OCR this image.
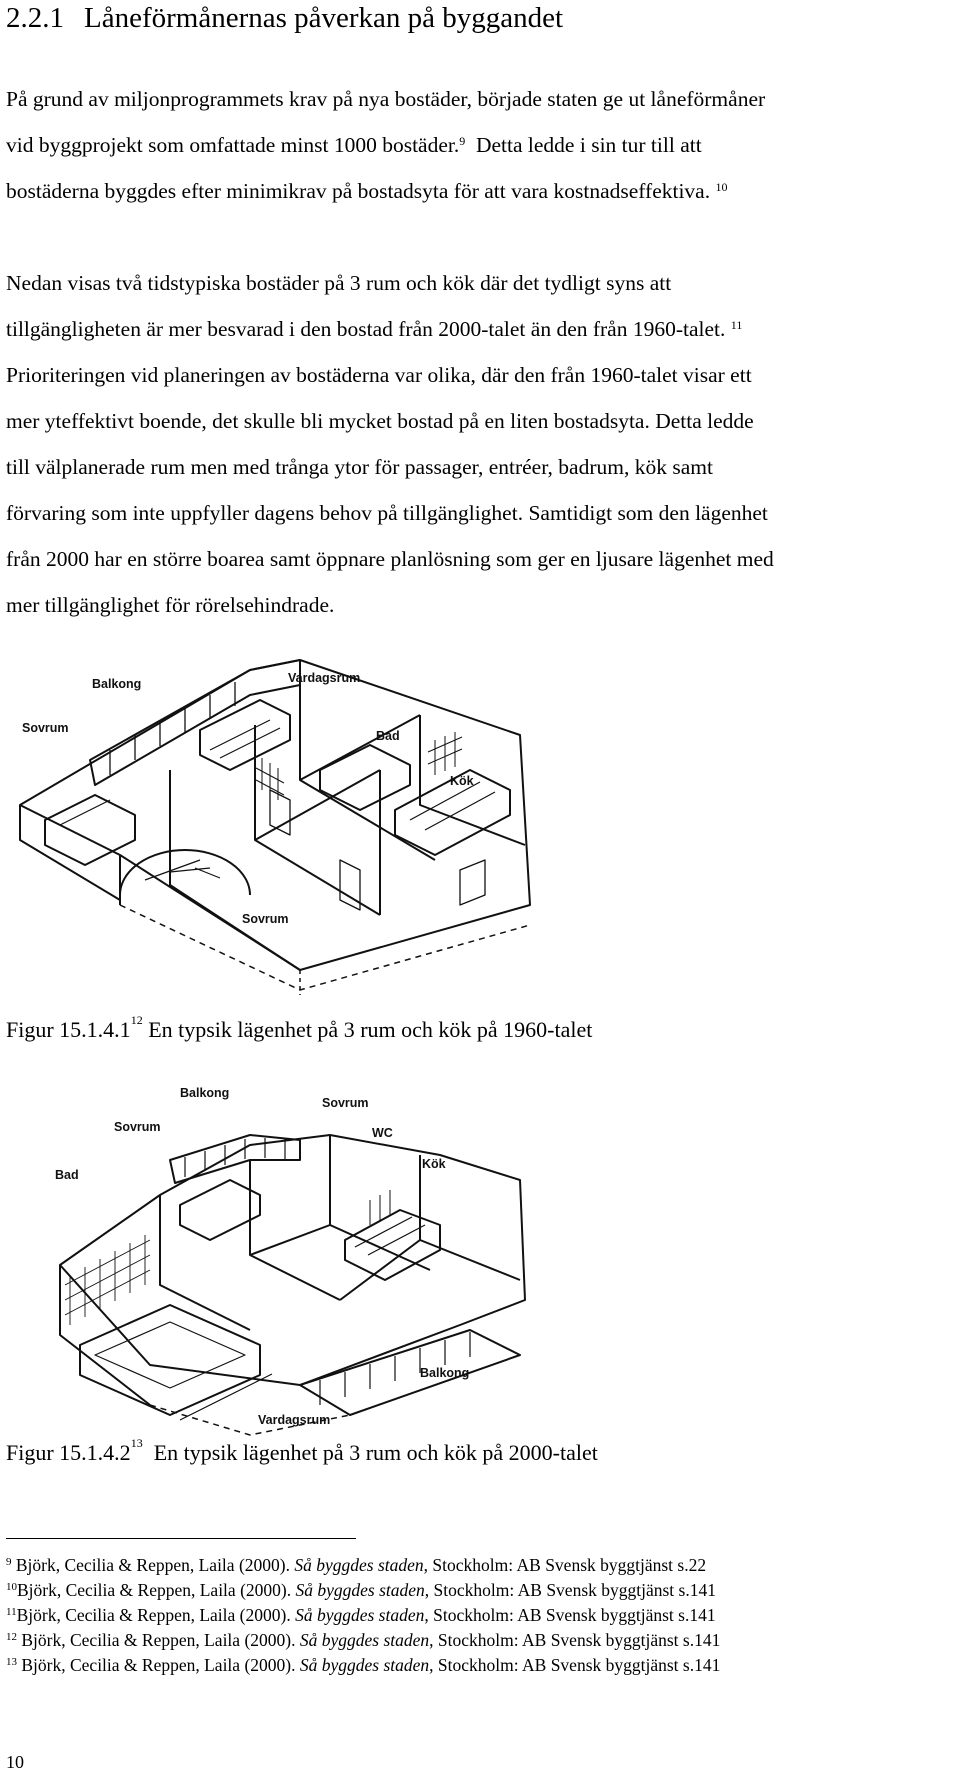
2.2.1 Låneförmånernas påverkan på byggandet
På grund av miljonprogrammets krav på nya bostäder, började staten ge ut låneförmåner
vid byggprojekt som omfattade minst 1000 bostäder.$^9$  Detta ledde i sin tur till att
bostäderna byggdes efter minimikrav på bostadsyta för att vara kostnadseffektiva. $^{10}$
Nedan visas två tidstypiska bostäder på 3 rum och kök där det tydligt syns att
tillgängligheten är mer besvarad i den bostad från 2000-talet än den från 1960-talet. $^{11}$
Prioriteringen vid planeringen av bostäderna var olika, där den från 1960-talet visar ett
mer yteffektivt boende, det skulle bli mycket bostad på en liten bostadsyta. Detta ledde
till välplanerade rum men med trånga ytor för passager, entréer, badrum, kök samt
förvaring som inte uppfyller dagens behov på tillgänglighet. Samtidigt som den lägenhet
från 2000 har en större boarea samt öppnare planlösning som ger en ljusare lägenhet med
mer tillgänglighet för rörelsehindrade.
Balkong	Vardagsrum
Sovrum
Bad
Kök
Sovrum
Figur 15.1.4.1$^{12}$ En typsik lägenhet på 3 rum och kök på 1960-talet
Balkong
Sovrum
Sovrum
WC
Kök
Bad
Balkong
Vardagsrum
Figur 15.1.4.2$^{13}$  En typsik lägenhet på 3 rum och kök på 2000-talet
$^9$ Björk, Cecilia & Reppen, Laila (2000). Så byggdes staden, Stockholm: AB Svensk byggtjänst s.22
$^{10}$Björk, Cecilia & Reppen, Laila (2000). Så byggdes staden, Stockholm: AB Svensk byggtjänst s.141
$^{11}$Björk, Cecilia & Reppen, Laila (2000). Så byggdes staden, Stockholm: AB Svensk byggtjänst s.141
$^{12}$ Björk, Cecilia & Reppen, Laila (2000). Så byggdes staden, Stockholm: AB Svensk byggtjänst s.141
$^{13}$ Björk, Cecilia & Reppen, Laila (2000). Så byggdes staden, Stockholm: AB Svensk byggtjänst s.141
10
